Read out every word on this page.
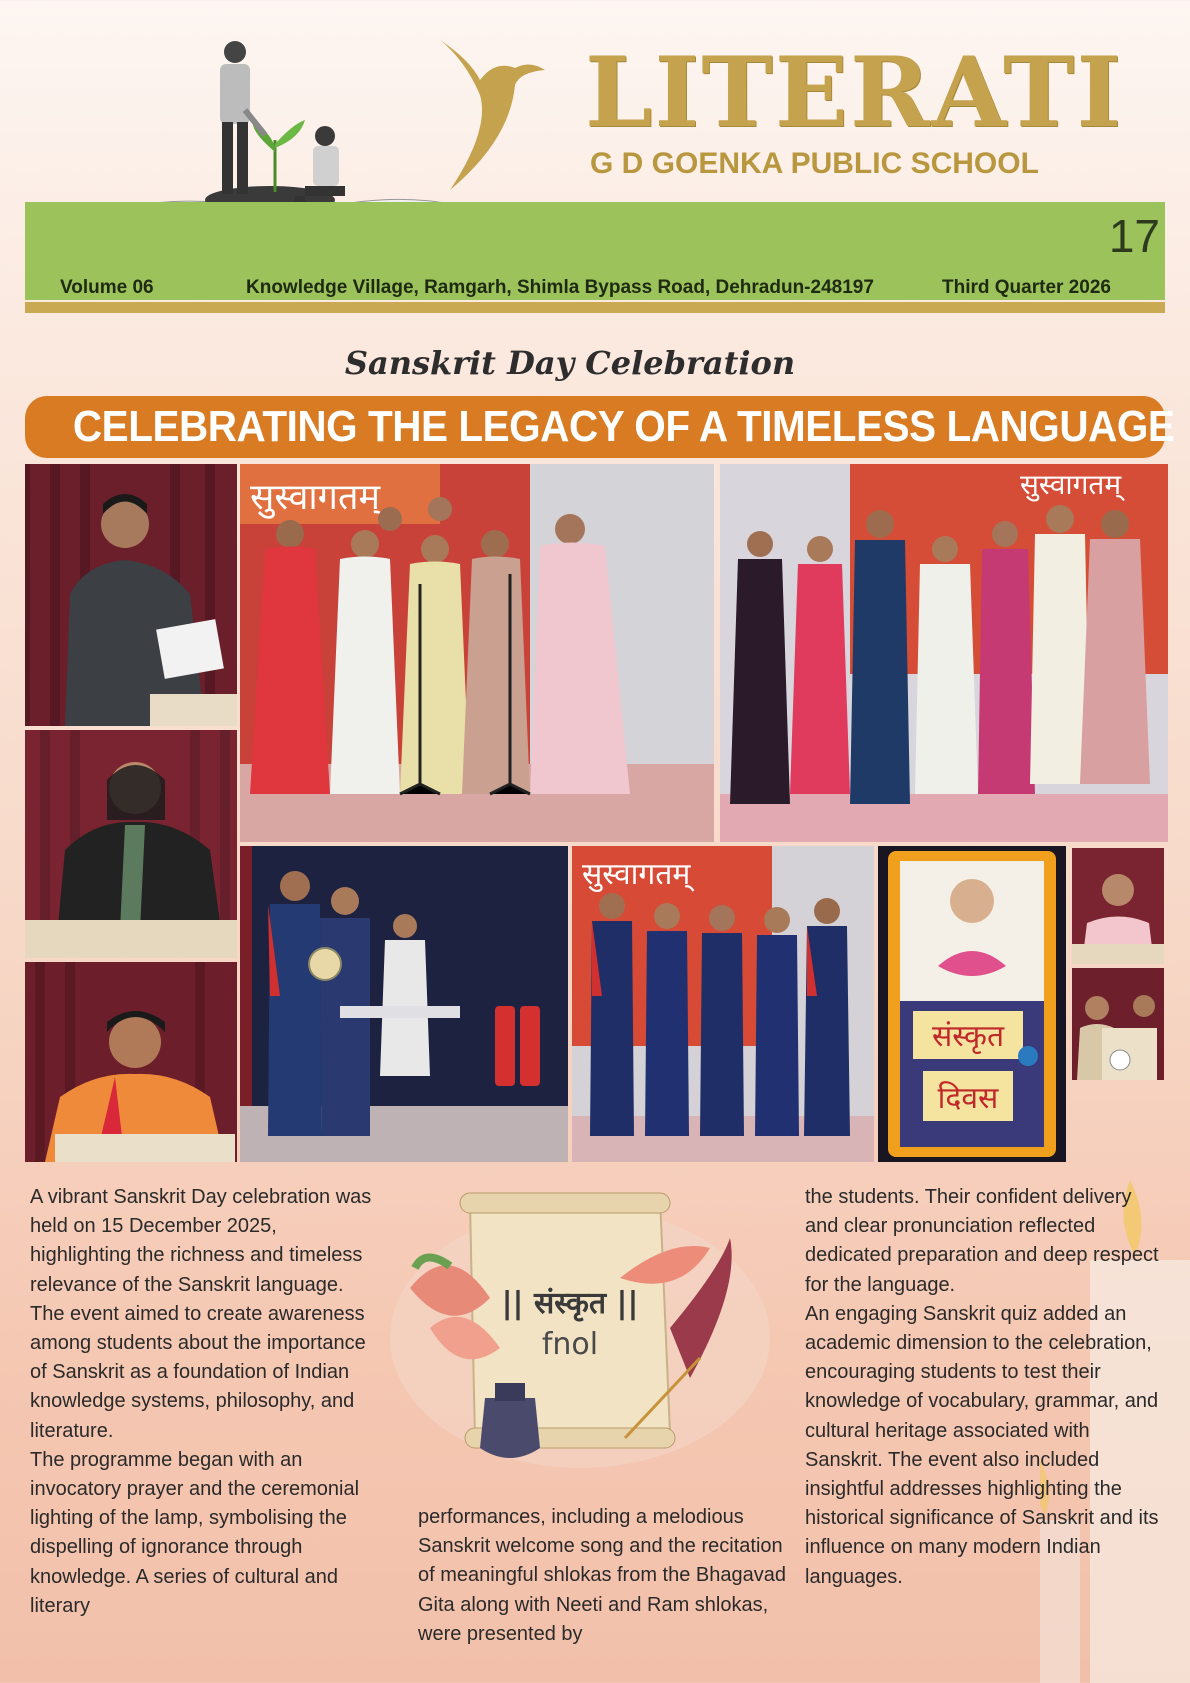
LITERATI
G D GOENKA PUBLIC SCHOOL
17
Volume 06	Knowledge Village, Ramgarh, Shimla Bypass Road, Dehradun-248197	Third Quarter 2026
Sanskrit Day Celebration
CELEBRATING THE LEGACY OF A TIMELESS LANGUAGE
सुस्वागतम्	सुस्वागतम्
सुस्वागतम्
संस्कृत
दिवस

A vibrant Sanskrit Day celebration was held on 15 December 2025, highlighting the richness and timeless relevance of the Sanskrit language. The event aimed to create awareness among students about the importance of Sanskrit as a foundation of Indian knowledge systems, philosophy, and literature.

The programme began with an invocatory prayer and the ceremonial lighting of the lamp, symbolising the dispelling of ignorance through knowledge. A series of cultural and literary

|| संस्कृत ||
fnol

performances, including a melodious Sanskrit welcome song and the recitation of meaningful shlokas from the Bhagavad Gita along with Neeti and Ram shlokas, were presented by

the students. Their confident delivery and clear pronunciation reflected dedicated preparation and deep respect for the language.

An engaging Sanskrit quiz added an academic dimension to the celebration, encouraging students to test their knowledge of vocabulary, grammar, and cultural heritage associated with Sanskrit. The event also included insightful addresses highlighting the historical significance of Sanskrit and its influence on many modern Indian languages.
